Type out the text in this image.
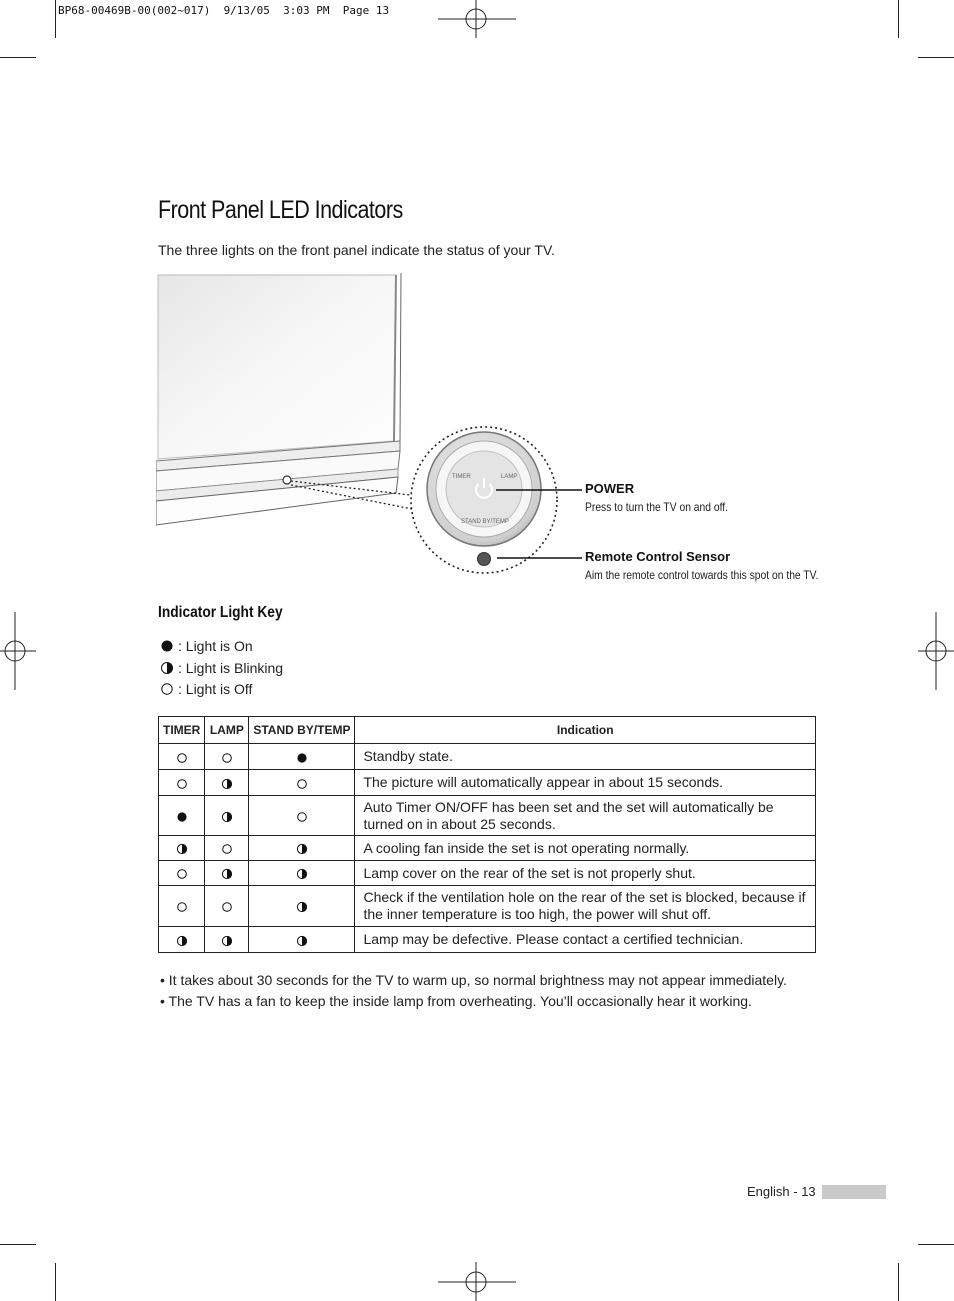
BP68-00469B-00(002~017)  9/13/05  3:03 PM  Page 13
Front Panel LED Indicators
The three lights on the front panel indicate the status of your TV.
TIMER	LAMP
STAND BY/TEMP
POWER
Press to turn the TV on and off.
Remote Control Sensor
Aim the remote control towards this spot on the TV.
Indicator Light Key
: Light is On
: Light is Blinking
: Light is Off
TIMER	LAMP	STAND BY/TEMP	Indication
			Standby state.
			The picture will automatically appear in about 15 seconds.
			Auto Timer ON/OFF has been set and the set will automatically be turned on in about 25 seconds.
			A cooling fan inside the set is not operating normally.
			Lamp cover on the rear of the set is not properly shut.
			Check if the ventilation hole on the rear of the set is blocked, because if the inner temperature is too high, the power will shut off.
			Lamp may be defective. Please contact a certified technician.
• It takes about 30 seconds for the TV to warm up, so normal brightness may not appear immediately.
• The TV has a fan to keep the inside lamp from overheating. You’ll occasionally hear it working.
English - 13
